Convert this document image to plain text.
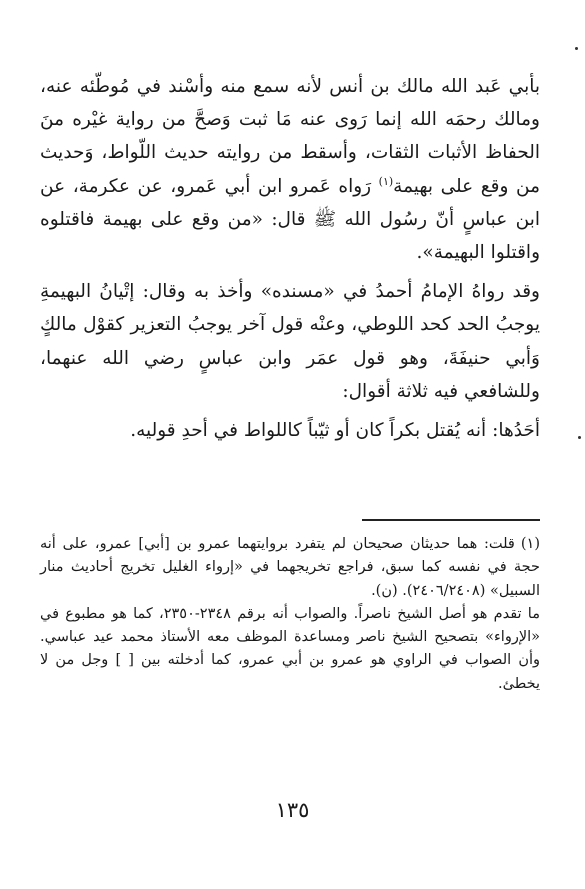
بأبي عَبد الله مالك بن أنس لأنه سمع منه وأسْند في مُوطّئه عنه، ومالك رحمَه الله إنما رَوى عنه مَا ثبت وَصحَّ من رواية غيْره منَ الحفاظ الأثبات الثقات، وأسقط من روايته حديث اللّواط، وَحديث من وقع على بهيمة$^{(١)}$ رَواه عَمرو ابن أبي عَمرو، عن عكرمة، عن ابن عباسٍ أنّ رسُول الله ﷺ قال: «من وقع على بهيمة فاقتلوه واقتلوا البهيمة».

وقد رواهُ الإمامُ أحمدُ في «مسنده» وأخذ به وقال: إتْيانُ البهيمةِ يوجبُ الحد كحد اللوطي، وعنْه قول آخر يوجبُ التعزير كقوْل مالكٍ وَأبي حنيفَةَ، وهو قول عمَر وابن عباسٍ رضي الله عنهما، وللشافعي فيه ثلاثة أقوال:

أحَدُها: أنه يُقتل بكراً كان أو ثيّباً كاللواط في أحدِ قوليه.

(١)قلت: هما حديثان صحيحان لم يتفرد بروايتهما عمرو بن [أبي] عمرو، على أنه حجة في نفسه كما سبق، فراجع تخريجهما في «إرواء الغليل تخريج أحاديث منار السبيل» (٢٤٠٦/٢٤٠٨). (ن).

ما تقدم هو أصل الشيخ ناصراً. والصواب أنه برقم ٢٣٤٨-٢٣٥٠، كما هو مطبوع في «الإرواء» بتصحيح الشيخ ناصر ومساعدة الموظف معه الأستاذ محمد عيد عباسي. وأن الصواب في الراوي هو عمرو بن أبي عمرو، كما أدخلته بين [ ] وجل من لا يخطئ.

١٣٥
